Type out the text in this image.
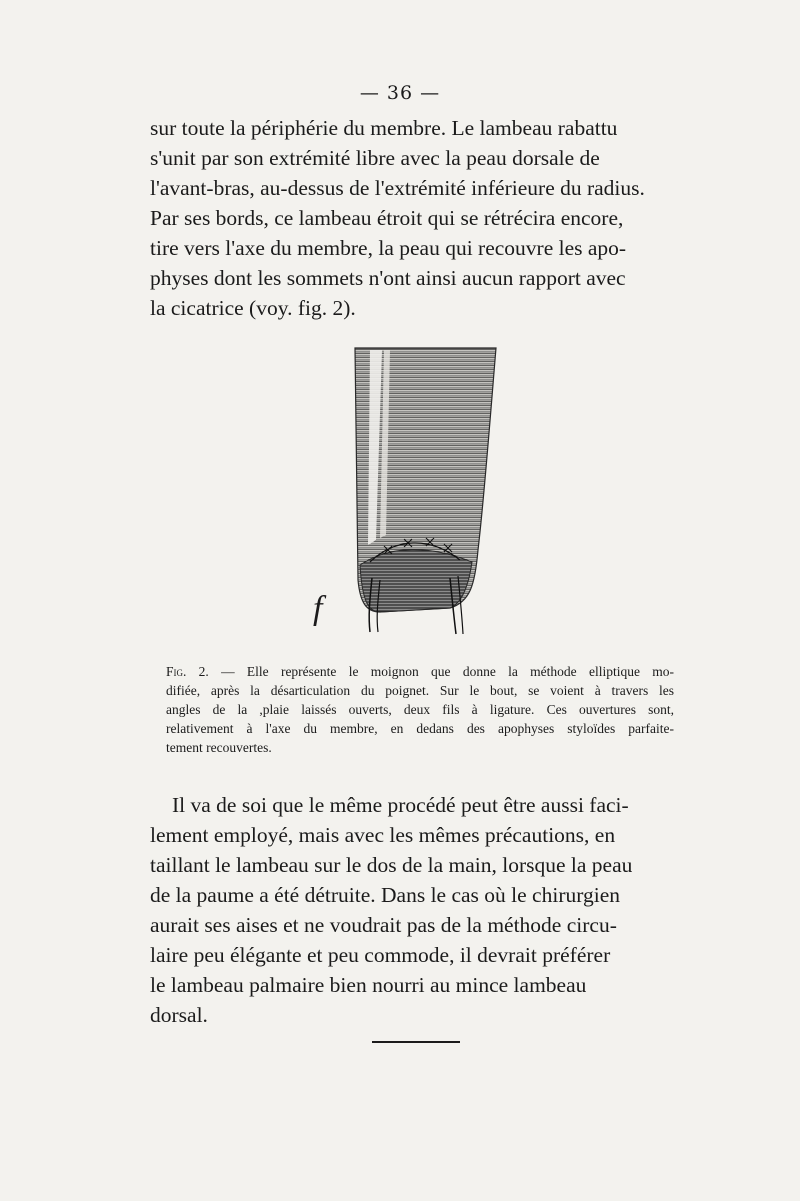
— 36 —

sur toute la périphérie du membre. Le lambeau rabattu
s'unit par son extrémité libre avec la peau dorsale de
l'avant-bras, au-dessus de l'extrémité inférieure du radius.
Par ses bords, ce lambeau étroit qui se rétrécira encore,
tire vers l'axe du membre, la peau qui recouvre les apo-
physes dont les sommets n'ont ainsi aucun rapport avec
la cicatrice (voy. fig. 2).

f
Fig. 2. — Elle représente le moignon que donne la méthode elliptique mo-
difiée, après la désarticulation du poignet. Sur le bout, se voient à travers les
angles de la ,plaie laissés ouverts, deux fils à ligature. Ces ouvertures sont,
relativement à l'axe du membre, en dedans des apophyses styloïdes parfaite-
tement recouvertes.

Il va de soi que le même procédé peut être aussi faci-
lement employé, mais avec les mêmes précautions, en
taillant le lambeau sur le dos de la main, lorsque la peau
de la paume a été détruite. Dans le cas où le chirurgien
aurait ses aises et ne voudrait pas de la méthode circu-
laire peu élégante et peu commode, il devrait préférer
le lambeau palmaire bien nourri au mince lambeau
dorsal.
